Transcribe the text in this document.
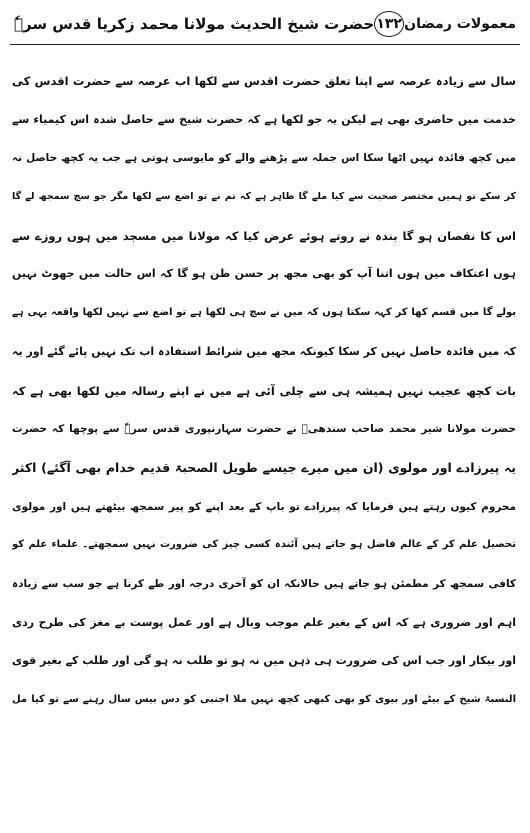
معمولات رمضان
۱۳۲
حضرت شیخ الحدیث مولانا محمد زکریا قدس سرہٗ
سال سے زیادہ عرصہ سے اپنا تعلق حضرت اقدس سے لکھا اب عرصہ سے حضرت اقدس کی
خدمت میں حاضری بھی ہے لیکن یہ جو لکھا ہے کہ حضرت شیخ سے حاصل شدہ اس کیمیاء سے
میں کچھ فائدہ نہیں اٹھا سکا اس جملہ سے پڑھنے والے کو مایوسی ہوتی ہے جب یہ کچھ حاصل نہ
کر سکے تو ہمیں مختصر صحبت سے کیا ملے گا ظاہر ہے کہ تم نے تو اضع سے لکھا مگر جو سچ سمجھ لے گا
اس کا نقصان ہو گا بندہ نے روتے ہوئے عرض کیا کہ مولانا میں مسجد میں ہوں روزے سے
ہوں اعتکاف میں ہوں اتنا آپ کو بھی مجھ پر حسن ظن ہو گا کہ اس حالت میں جھوٹ نہیں
بولے گا میں قسم کھا کر کہہ سکتا ہوں کہ میں نے سچ ہی لکھا ہے تو اضع سے نہیں لکھا واقعہ یہی ہے
کہ میں فائدہ حاصل نہیں کر سکا کیونکہ مجھ میں شرائط استفادہ اب تک نہیں پائے گئے اور یہ
بات کچھ عجیب نہیں ہمیشہ ہی سے چلی آئی ہے میں نے اپنے رسالہ میں لکھا بھی ہے کہ
حضرت مولانا شیر محمد صاحب سندھیؒ نے حضرت سہارنپوری قدس سرہٗ سے پوچھا کہ حضرت
یہ پیرزادے اور مولوی (ان میں میرے جیسے طویل الصحبۃ قدیم خدام بھی آگئے) اکثر
محروم کیوں رہتے ہیں فرمایا کہ پیرزادے تو باپ کے بعد اپنے کو پیر سمجھ بیٹھتے ہیں اور مولوی
تحصیل علم کر کے عالم فاضل ہو جاتے ہیں آئندہ کسی چیز کی ضرورت نہیں سمجھتے۔ علماء علم کو
کافی سمجھ کر مطمئن ہو جاتے ہیں حالانکہ ان کو آخری درجہ اور طے کرنا ہے جو سب سے زیادہ
اہم اور ضروری ہے کہ اس کے بغیر علم موجب وبال ہے اور عمل پوست بے مغز کی طرح ردی
اور بیکار اور جب اس کی ضرورت ہی ذہن میں نہ ہو تو طلب نہ ہو گی اور طلب کے بغیر قوی
النسبۃ شیخ کے بیٹے اور بیوی کو بھی کبھی کچھ نہیں ملا اجنبی کو دس بیس سال رہنے سے تو کیا مل
